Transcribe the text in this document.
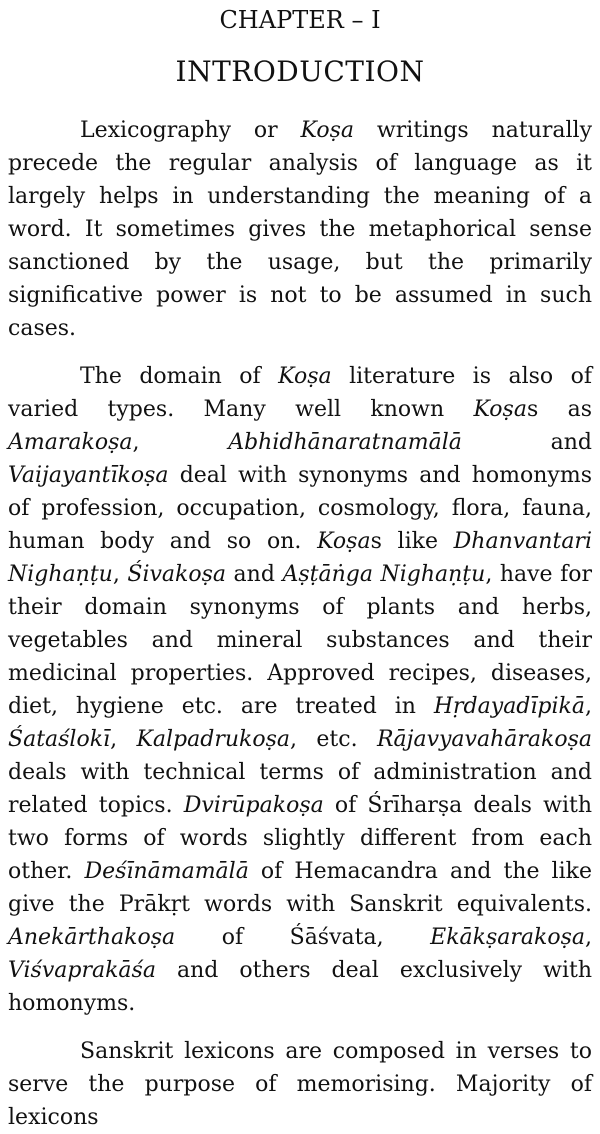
CHAPTER – I
INTRODUCTION

Lexicography or Koṣa writings naturally precede the regular analysis of language as it largely helps in understanding the meaning of a word. It sometimes gives the metaphorical sense sanctioned by the usage, but the primarily significative power is not to be assumed in such cases.

The domain of Koṣa literature is also of varied types. Many well known Koṣas as Amarakoṣa, Abhidhānaratnamālā and Vaijayantīkoṣa deal with synonyms and homonyms of profession, occupation, cosmology, flora, fauna, human body and so on. Koṣas like Dhanvantari Nighaṇṭu, Śivakoṣa and Aṣṭāṅga Nighaṇṭu, have for their domain synonyms of plants and herbs, vegetables and mineral substances and their medicinal properties. Approved recipes, diseases, diet, hygiene etc. are treated in Hṛdayadīpikā, Śataślokī, Kalpadrukoṣa, etc. Rājavyavahārakoṣa deals with technical terms of administration and related topics. Dvirūpakoṣa of Śrīharṣa deals with two forms of words slightly different from each other. Deśīnāmamālā of Hemacandra and the like give the Prākṛt words with Sanskrit equivalents. Anekārthakoṣa of Śāśvata, Ekākṣarakoṣa, Viśvaprakāśa and others deal exclusively with homonyms.

Sanskrit lexicons are composed in verses to serve the purpose of memorising. Majority of lexicons
